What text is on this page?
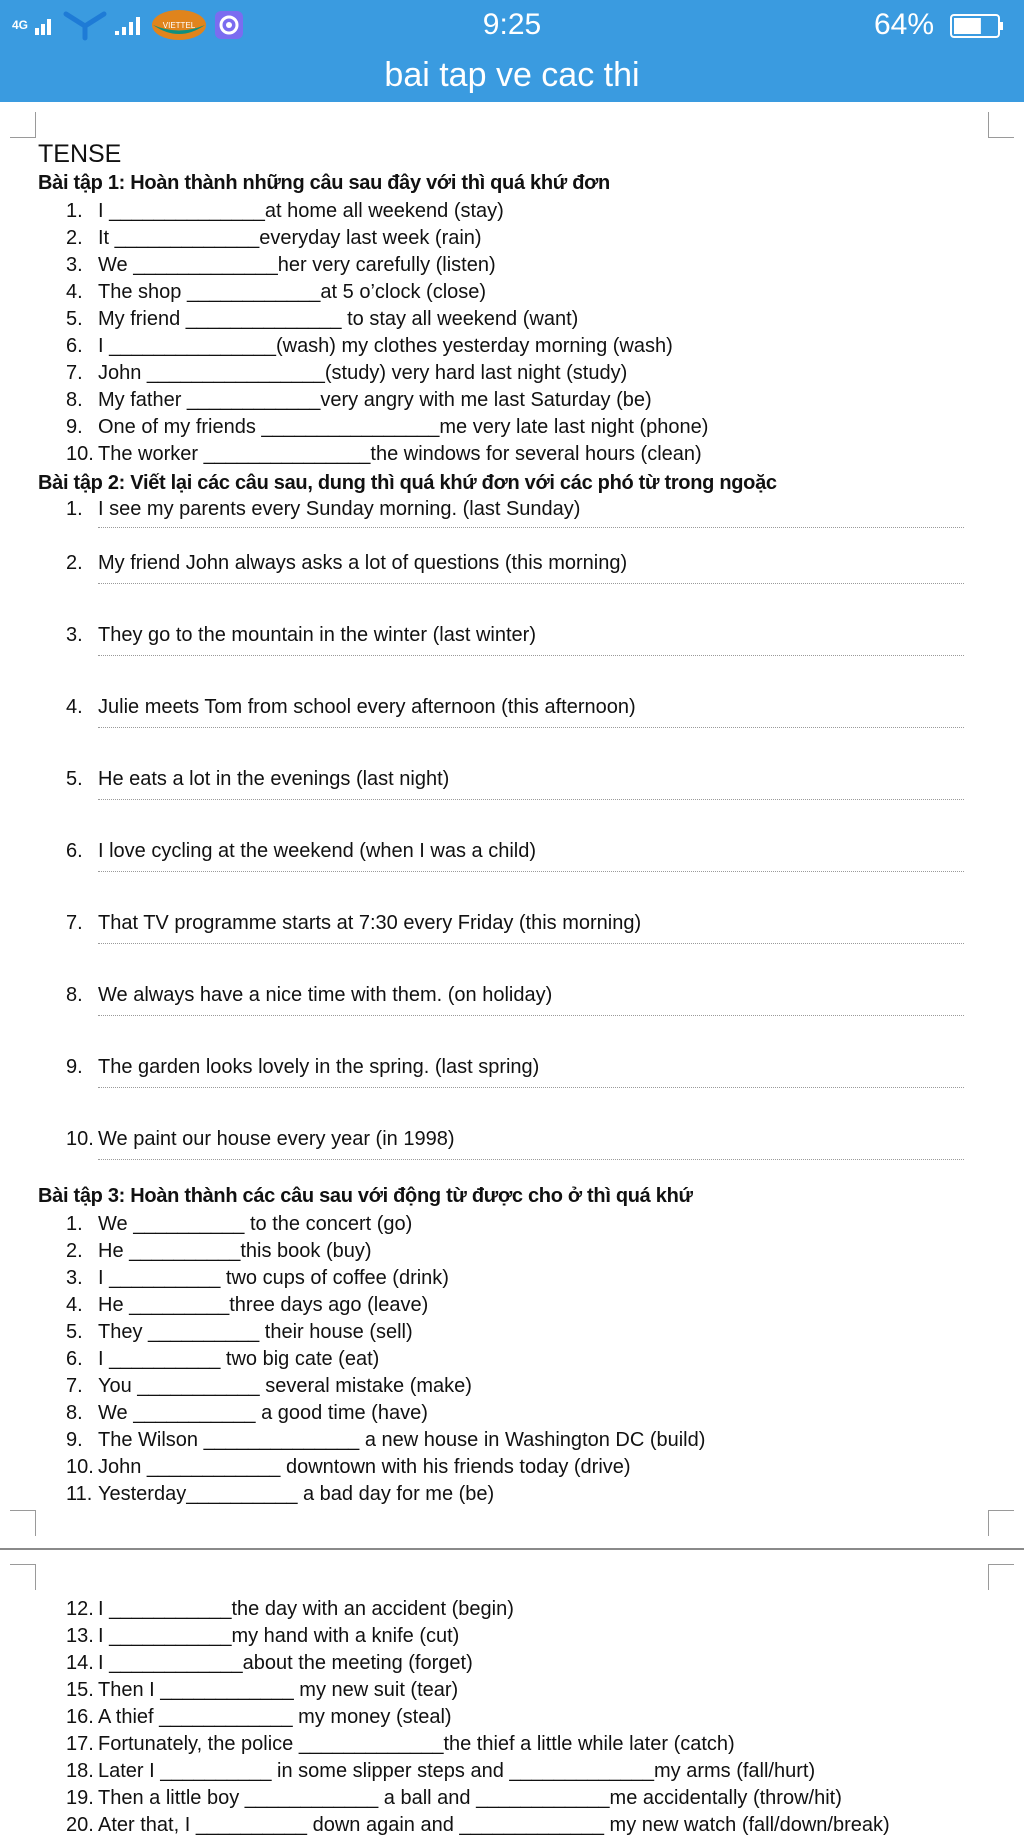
4G	VIETTEL	9:25	64%
bai tap ve cac thi
TENSE
Bài tập 1: Hoàn thành những câu sau đây với thì quá khứ đơn
1. I ______________at home all weekend (stay)
2. It _____________everyday last week (rain)
3. We _____________her very carefully (listen)
4. The shop ____________at 5 o’clock (close)
5. My friend ______________ to stay all weekend (want)
6. I _______________(wash) my clothes yesterday morning (wash)
7. John ________________(study) very hard last night (study)
8. My father ____________very angry with me last Saturday (be)
9. One of my friends ________________me very late last night (phone)
10. The worker _______________the windows for several hours (clean)
Bài tập 2: Viết lại các câu sau, dung thì quá khứ đơn với các phó từ trong ngoặc
1. I see my parents every Sunday morning. (last Sunday)
2. My friend John always asks a lot of questions (this morning)
3. They go to the mountain in the winter (last winter)
4. Julie meets Tom from school every afternoon (this afternoon)
5. He eats a lot in the evenings (last night)
6. I love cycling at the weekend (when I was a child)
7. That TV programme starts at 7:30 every Friday (this morning)
8. We always have a nice time with them. (on holiday)
9. The garden looks lovely in the spring. (last spring)
10. We paint our house every year (in 1998)
Bài tập 3: Hoàn thành các câu sau với động từ được cho ở thì quá khứ
1. We __________ to the concert (go)
2. He __________this book (buy)
3. I __________ two cups of coffee (drink)
4. He _________three days ago (leave)
5. They __________ their house (sell)
6. I __________ two big cate (eat)
7. You ___________ several mistake (make)
8. We ___________ a good time (have)
9. The Wilson ______________ a new house in Washington DC (build)
10. John ____________ downtown with his friends today (drive)
11. Yesterday__________ a bad day for me (be)
12. I ___________the day with an accident (begin)
13. I ___________my hand with a knife (cut)
14. I ____________about the meeting (forget)
15. Then I ____________ my new suit (tear)
16. A thief ____________ my money (steal)
17. Fortunately, the police _____________the thief a little while later (catch)
18. Later I __________ in some slipper steps and _____________my arms (fall/hurt)
19. Then a little boy ____________ a ball and ____________me accidentally (throw/hit)
20. Ater that, I __________ down again and _____________ my new watch (fall/down/break)
